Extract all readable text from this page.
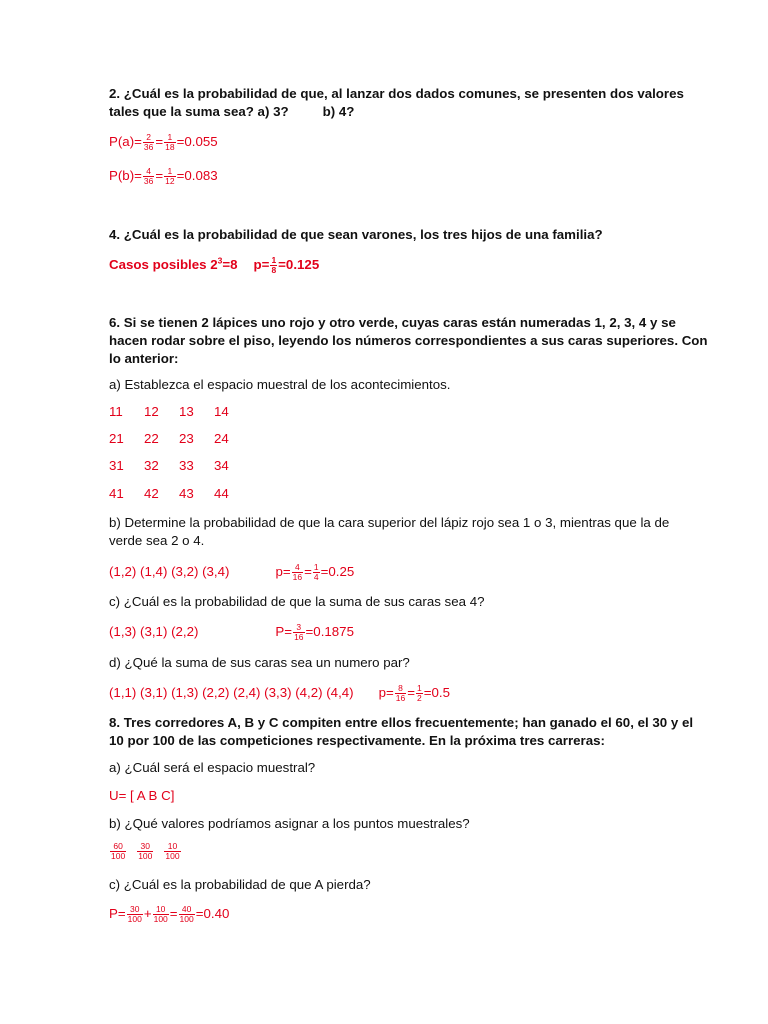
2. ¿Cuál es la probabilidad de que, al lanzar dos dados comunes, se presenten dos valores
tales que la suma sea? a) 3?	b) 4?
$P(a)= \frac{2}{36} = \frac{1}{18} =0.055$
$P(b)= \frac{4}{36} = \frac{1}{12} =0.083$
4. ¿Cuál es la probabilidad de que sean varones, los tres hijos de una familia?
Casos posibles $2^3=8$ $p= \frac{1}{8} =0.125$
6. Si se tienen 2 lápices uno rojo y otro verde, cuyas caras están numeradas 1, 2, 3, 4 y se
hacen rodar sobre el piso, leyendo los números correspondientes a sus caras superiores. Con
lo anterior:
a) Establezca el espacio muestral de los acontecimientos.
11 12 13 14
21 22 23 24
31 32 33 34
41 42 43 44
b) Determine la probabilidad de que la cara superior del lápiz rojo sea 1 o 3, mientras que la de
verde sea 2 o 4.
(1,2) (1,4) (3,2) (3,4)	$p= \frac{4}{16} = \frac{1}{4} =0.25$
c) ¿Cuál es la probabilidad de que la suma de sus caras sea 4?
(1,3) (3,1) (2,2)	$P= \frac{3}{16} =0.1875$
d) ¿Qué la suma de sus caras sea un numero par?
(1,1) (3,1) (1,3) (2,2) (2,4) (3,3) (4,2) (4,4) $p= \frac{8}{16} = \frac{1}{2} =0.5$
8. Tres corredores A, B y C compiten entre ellos frecuentemente; han ganado el 60, el 30 y el
10 por 100 de las competiciones respectivamente. En la próxima tres carreras:
a) ¿Cuál será el espacio muestral?
U= [ A B C]
b) ¿Qué valores podríamos asignar a los puntos muestrales?
$\frac{60}{100} \frac{30}{100} \frac{10}{100}$
c) ¿Cuál es la probabilidad de que A pierda?
$P= \frac{30}{100} + \frac{10}{100} = \frac{40}{100} =0.40$
